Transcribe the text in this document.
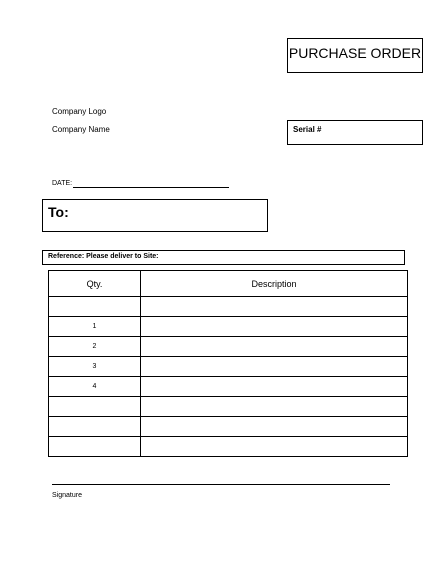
PURCHASE ORDER
Company Logo
Company Name	Serial #
DATE:
To:
Reference: Please deliver to Site:
Qty.	Description

1	
2	
3	
4	

Signature
